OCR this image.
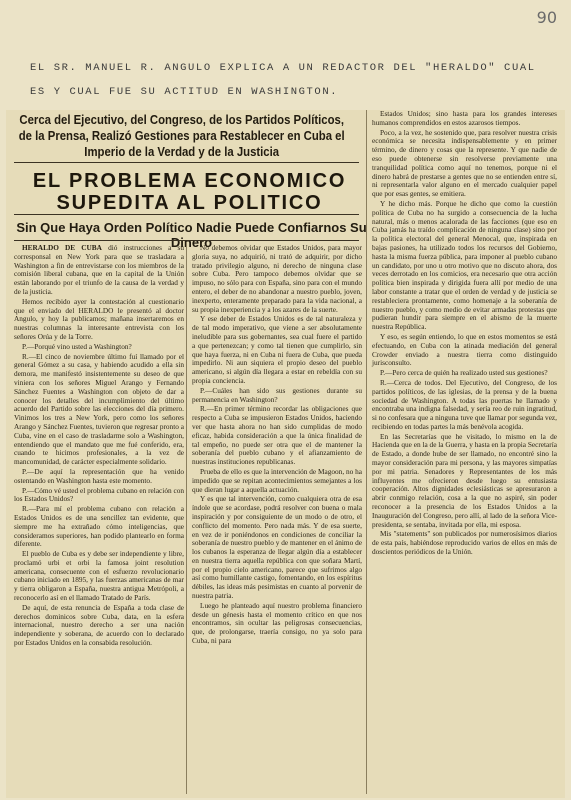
90
EL SR. MANUEL R. ANGULO EXPLICA A UN REDACTOR DEL "HERALDO" CUAL
ES Y CUAL FUE SU ACTITUD EN WASHINGTON.
Cerca del Ejecutivo, del Congreso, de los Partidos Políticos, de la Prensa, Realizó Gestiones para Restablecer en Cuba el Imperio de la Verdad y de la Justicia
EL PROBLEMA ECONOMICO
SUPEDITA AL POLITICO
Sin Que Haya Orden Político Nadie Puede Confiarnos Su Dinero

HERALDO DE CUBA dió instrucciones a su corresponsal en New York para que se trasladara a Washington a fin de entrevistarse con los miembros de la comisión liberal cubana, que en la capital de la Unión están laborando por el triunfo de la causa de la verdad y de la justicia.

Hemos recibido ayer la contestación al cuestionario que el enviado del HERALDO le presentó al doctor Angulo, y hoy la publicamos; mañana insertaremos en nuestras columnas la interesante entrevista con los señores Orúa y de la Torre.

P.—Porqué vino usted a Washington?

R.—El cinco de noviembre último fuí llamado por el general Gómez a su casa, y habiendo acudido a ella sin demora, me manifestó insistentemente su deseo de que viniera con los señores Miguel Arango y Fernando Sánchez Fuentes a Washington con objeto de dar a conocer los detalles del incumplimiento del último acuerdo del Partido sobre las elecciones del día primero. Vinimos los tres a New York, pero como los señores Arango y Sánchez Fuentes, tuvieron que regresar pronto a Cuba, vine en el caso de trasladarme solo a Washington, entendiendo que el mandato que me fué conferido, era, cuando te hicimos profesionales, a la vez de mancomunidad, de carácter especialmente solidario.

P.—De aquí la representación que ha venido ostentando en Washington hasta este momento.

P.—Cómo vé usted el problema cubano en relación con los Estados Unidos?

R.—Para mí el problema cubano con relación a Estados Unidos es de una sencillez tan evidente, que siempre me ha extrañado cómo inteligencias, que consideramos superiores, han podido plantearlo en forma diferente.

El pueblo de Cuba es y debe ser independiente y libre, proclamó urbi et orbi la famosa joint resolution americana, consecuente con el esfuerzo revolucionario cubano iniciado en 1895, y las fuerzas americanas de mar y tierra obligaron a España, nuestra antigua Metrópoli, a reconocerlo así en el llamado Tratado de París.

De aquí, de esta renuncia de España a toda clase de derechos dominicos sobre Cuba, data, en la esfera internacional, nuestro derecho a ser una nación independiente y soberana, de acuerdo con lo declarado por Estados Unidos en la consabida resolución.

No debemos olvidar que Estados Unidos, para mayor gloria suya, no adquirió, ni trató de adquirir, por dicho tratado privilegio alguno, ni derecho de ninguna clase sobre Cuba. Pero tampoco debemos olvidar que se impuso, no sólo para con España, sino para con el mundo entero, el deber de no abandonar a nuestro pueblo, joven, inexperto, enteramente preparado para la vida nacional, a su propia inexperiencia y a los azares de la suerte.

Y ese deber de Estados Unidos es de tal naturaleza y de tal modo imperativo, que viene a ser absolutamente ineludible para sus gobernantes, sea cual fuere el partido a que pertenezcan; y como tal tienen que cumplirlo, sin que haya fuerza, ni en Cuba ni fuera de Cuba, que pueda impedirlo. Ni aun siquiera el propio deseo del pueblo americano, si algún día llegara a estar en rebeldía con su propia conciencia.

P.—Cuáles han sido sus gestiones durante su permanencia en Washington?

R.—En primer término recordar las obligaciones que respecto a Cuba se impusieron Estados Unidos, haciendo ver que hasta ahora no han sido cumplidas de modo eficaz, habida consideración a que la única finalidad de tal empeño, no puede ser otra que el de mantener la soberanía del pueblo cubano y el afianzamiento de nuestras instituciones republicanas.

Prueba de ello es que la intervención de Magoon, no ha impedido que se repitan acontecimientos semejantes a los que dieran lugar a aquella actuación.

Y es que tal intervención, como cualquiera otra de esa índole que se acordase, podrá resolver con buena o mala inspiración y por consiguiente de un modo o de otro, el conflicto del momento. Pero nada más. Y de esa suerte, en vez de ir poniéndonos en condiciones de conciliar la soberanía de nuestro pueblo y de mantener en el ánimo de los cubanos la esperanza de llegar algún día a establecer en nuestra tierra aquella república con que soñara Martí, por el propio cielo americano, parece que sufrimos algo así como humillante castigo, fomentando, en los espíritus débiles, las ideas más pesimistas en cuanto al porvenir de nuestra patria.

Luego he planteado aquí nuestro problema financiero desde un génesis hasta el momento crítico en que nos encontramos, sin ocultar las peligrosas consecuencias, que, de prolongarse, traería consigo, no ya solo para Cuba, ni para

Estados Unidos; sino hasta para los grandes intereses humanos comprendidos en estos azarosos tiempos.

Poco, a la vez, he sostenido que, para resolver nuestra crisis económica se necesita indispensablemente y en primer término, de dinero y cosas que la represente. Y que nadie de eso puede obtenerse sin resolverse previamente una tranquilidad política como aquí no tenemos, porque ni el dinero habrá de prestarse a gentes que no se entienden entre sí, ni representarla valor alguno en el mercado cualquier papel que por esas gentes, se emitiera.

Y he dicho más. Porque he dicho que como la cuestión política de Cuba no ha surgido a consecuencia de la lucha natural, más o menos acalorada de las facciones (que eso en Cuba jamás ha traído complicación de ninguna clase) sino por la política electoral del general Menocal, que, inspirada en bajas pasiones, ha utilizado todos los recursos del Gobierno, hasta la misma fuerza pública, para imponer al pueblo cubano un candidato, por uno u otro motivo que no discuto ahora, dos veces derrotado en los comicios, era necesario que otra acción política bien inspirada y dirigida fuera allí por medio de una labor constante a tratar que el orden de verdad y de justicia se restableciera prontamente, como homenaje a la soberanía de nuestro pueblo, y como medio de evitar armadas protestas que pudieran hundir para siempre en el abismo de la muerte nuestra República.

Y eso, es según entiendo, lo que en estos momentos se está efectuando, en Cuba con la atinada mediación del general Crowder enviado a nuestra tierra como distinguido jurisconsulto.

P.—Pero cerca de quién ha realizado usted sus gestiones?

R.—Cerca de todos. Del Ejecutivo, del Congreso, de los partidos políticos, de las iglesias, de la prensa y de la buena sociedad de Washington. A todas las puertas he llamado y encontraba una indigna falsedad, y sería reo de ruin ingratitud, si no confesara que a ninguna tuve que llamar por segunda vez, recibiendo en todas partes la más benévola acogida.

En las Secretarías que he visitado, lo mismo en la de Hacienda que en la de la Guerra, y hasta en la propia Secretaría de Estado, a donde hube de ser llamado, no encontré sino la mayor consideración para mi persona, y las mayores simpatías por mi patria. Senadores y Representantes de los más influyentes me ofrecieron desde luego su entusiasta cooperación. Altos dignidades eclesiásticas se apresuraron a abrir conmigo relación, cosa a la que no aspiré, sin poder reconocer a la presencia de los Estados Unidos a la Inauguración del Congreso, pero allí, al lado de la señora Vice-presidenta, se sentaba, invitada por ella, mi esposa.

Mis "statements" son publicados por numerosísimos diarios de esta país, habiéndose reproducido varios de ellos en más de doscientos periódicos de la Unión.
